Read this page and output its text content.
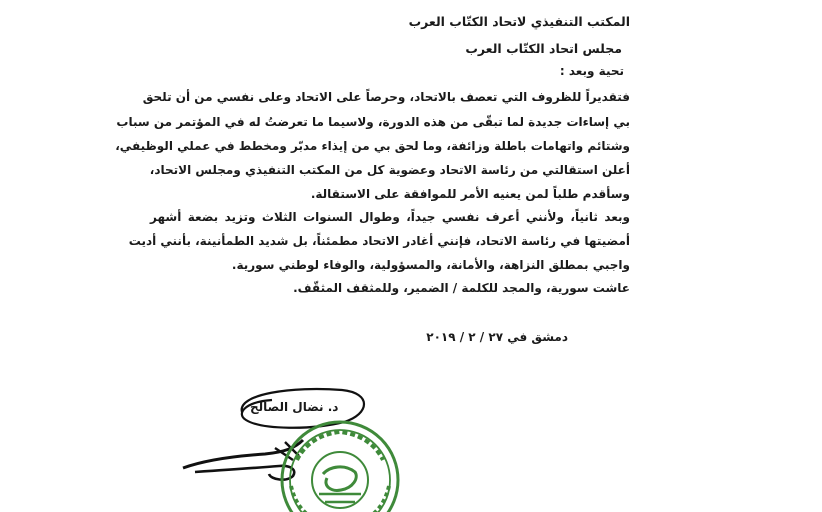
المكتب التنفيذي لاتحاد الكتّاب العرب
مجلس اتحاد الكتّاب العرب
تحية وبعد :
فتقديراً للظروف التي تعصف بالاتحاد، وحرصاً على الاتحاد وعلى نفسي من أن تلحق
بي إساءات جديدة لما تبقّى من هذه الدورة، ولاسيما ما تعرضتُ له في المؤتمر من سباب
وشتائم واتهامات باطلة وزائفة، وما لحق بي من إيذاء مدبّر ومخطط في عملي الوظيفي،
أعلن استقالتي من رئاسة الاتحاد وعضوية كل من المكتب التنفيذي ومجلس الاتحاد،
وسأقدم طلباً لمن يعنيه الأمر للموافقة على الاستقالة.
وبعد ثانياً، ولأنني أعرف نفسي جيداً، وطوال السنوات الثلاث وتزيد بضعة أشهر
أمضيتها في رئاسة الاتحاد، فإنني أغادر الاتحاد مطمئناً، بل شديد الطمأنينة، بأنني أديت
واجبي بمطلق النزاهة، والأمانة، والمسؤولية، والوفاء لوطني سورية.
عاشت سورية، والمجد للكلمة / الضمير، وللمثقف المثقّف.
دمشق في ٢٧ / ٢ / ٢٠١٩
د. نضال الصالح
